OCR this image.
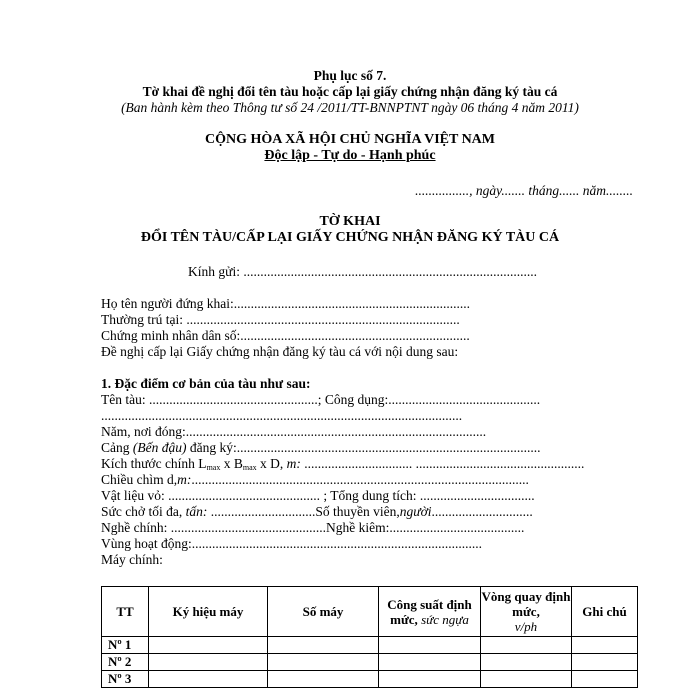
Phụ lục số 7.
Tờ khai đề nghị đổi tên tàu hoặc cấp lại giấy chứng nhận đăng ký tàu cá
(Ban hành kèm theo Thông tư số 24 /2011/TT-BNNPTNT ngày 06 tháng 4 năm 2011)
CỘNG HÒA XÃ HỘI CHỦ NGHĨA VIỆT NAM
Độc lập - Tự do - Hạnh phúc
................, ngày....... tháng...... năm........
TỜ KHAI
ĐỔI TÊN TÀU/CẤP LẠI GIẤY CHỨNG NHẬN ĐĂNG KÝ TÀU CÁ
Kính gửi: .......................................................................................
Họ tên người đứng khai:......................................................................
Thường trú tại: .................................................................................
Chứng minh nhân dân số:....................................................................
Đề nghị cấp lại Giấy chứng nhận đăng ký tàu cá với nội dung sau:
1. Đặc điểm cơ bản của tàu như sau:
Tên tàu: ..................................................; Công dụng:.............................................
...........................................................................................................
Năm, nơi đóng:.........................................................................................
Cảng (Bến đậu) đăng ký:..........................................................................................
Kích thước chính $L_{max}$ x $B_{max}$ x D, m: ................................ ..................................................
Chiều chìm d,m:....................................................................................................
Vật liệu vỏ: ............................................. ; Tổng dung tích: ..................................
Sức chở tối đa, tấn: ...............................Số thuyền viên,người..............................
Nghề chính: ..............................................Nghề kiêm:........................................
Vùng hoạt động:......................................................................................
Máy chính:
TT	Ký hiệu máy	Số máy	Công suất định mức, sức ngựa	Vòng quay định mức,
v/ph	Ghi chú
Nº 1					
Nº 2					
Nº 3					
